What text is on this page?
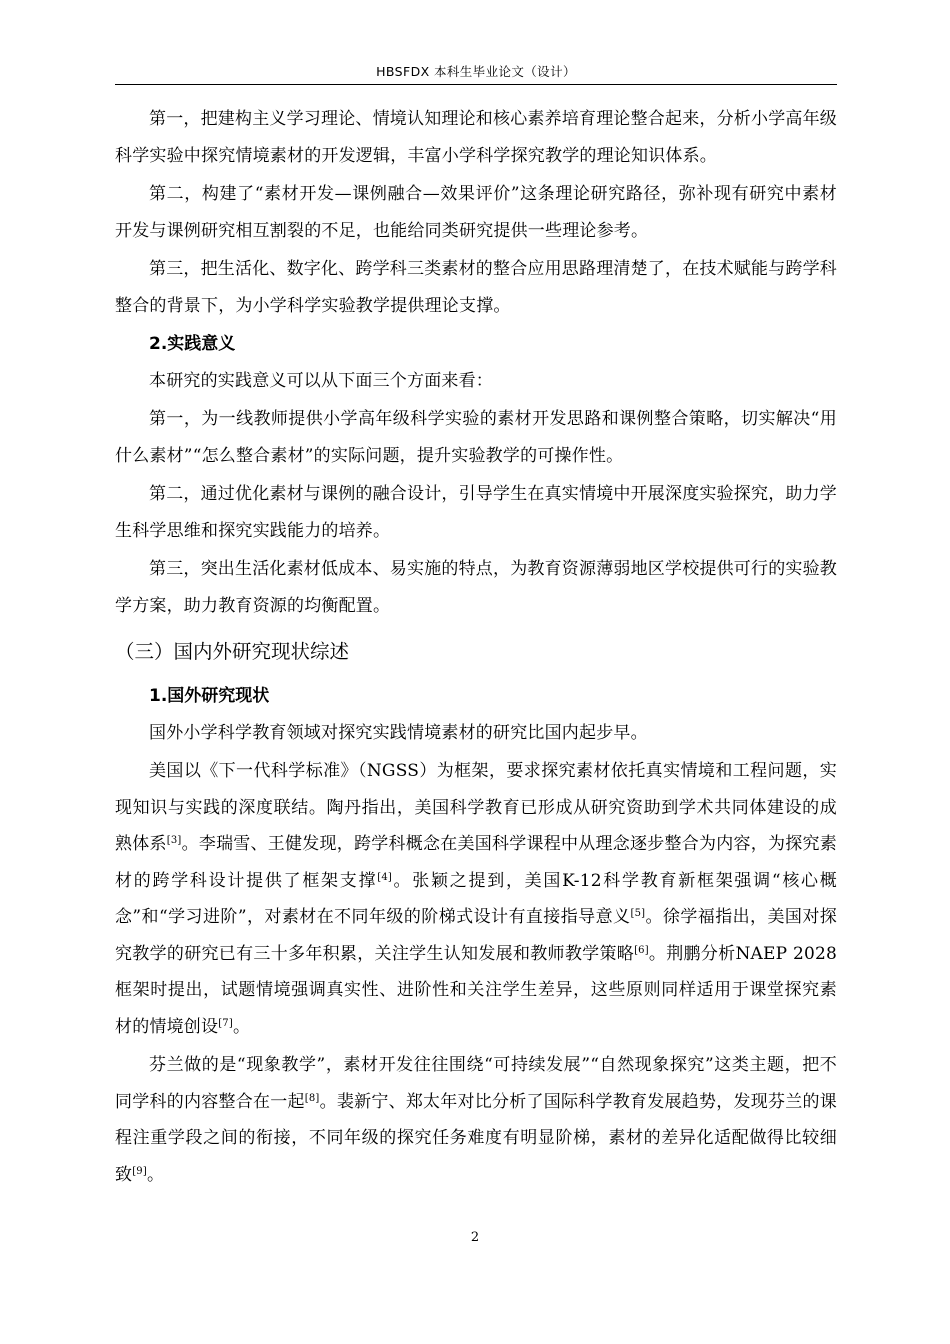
HBSFDX 本科生毕业论文（设计）

第一，把建构主义学习理论、情境认知理论和核心素养培育理论整合起来，分析小学高年级科学实验中探究情境素材的开发逻辑，丰富小学科学探究教学的理论知识体系。

第二，构建了“素材开发—课例融合—效果评价”这条理论研究路径，弥补现有研究中素材开发与课例研究相互割裂的不足，也能给同类研究提供一些理论参考。

第三，把生活化、数字化、跨学科三类素材的整合应用思路理清楚了，在技术赋能与跨学科整合的背景下，为小学科学实验教学提供理论支撑。

2.实践意义

本研究的实践意义可以从下面三个方面来看：

第一，为一线教师提供小学高年级科学实验的素材开发思路和课例整合策略，切实解决“用什么素材”“怎么整合素材”的实际问题，提升实验教学的可操作性。

第二，通过优化素材与课例的融合设计，引导学生在真实情境中开展深度实验探究，助力学生科学思维和探究实践能力的培养。

第三，突出生活化素材低成本、易实施的特点，为教育资源薄弱地区学校提供可行的实验教学方案，助力教育资源的均衡配置。

（三）国内外研究现状综述
1.国外研究现状

国外小学科学教育领域对探究实践情境素材的研究比国内起步早。

美国以《下一代科学标准》（NGSS）为框架，要求探究素材依托真实情境和工程问题，实现知识与实践的深度联结。陶丹指出，美国科学教育已形成从研究资助到学术共同体建设的成熟体系[3]。李瑞雪、王健发现，跨学科概念在美国科学课程中从理念逐步整合为内容，为探究素材的跨学科设计提供了框架支撑[4]。张颖之提到，美国K-12科学教育新框架强调“核心概念”和“学习进阶”，对素材在不同年级的阶梯式设计有直接指导意义[5]。徐学福指出，美国对探究教学的研究已有三十多年积累，关注学生认知发展和教师教学策略[6]。荆鹏分析NAEP 2028框架时提出，试题情境强调真实性、进阶性和关注学生差异，这些原则同样适用于课堂探究素材的情境创设[7]。

芬兰做的是“现象教学”，素材开发往往围绕“可持续发展”“自然现象探究”这类主题，把不同学科的内容整合在一起[8]。裴新宁、郑太年对比分析了国际科学教育发展趋势，发现芬兰的课程注重学段之间的衔接，不同年级的探究任务难度有明显阶梯，素材的差异化适配做得比较细致[9]。

2
